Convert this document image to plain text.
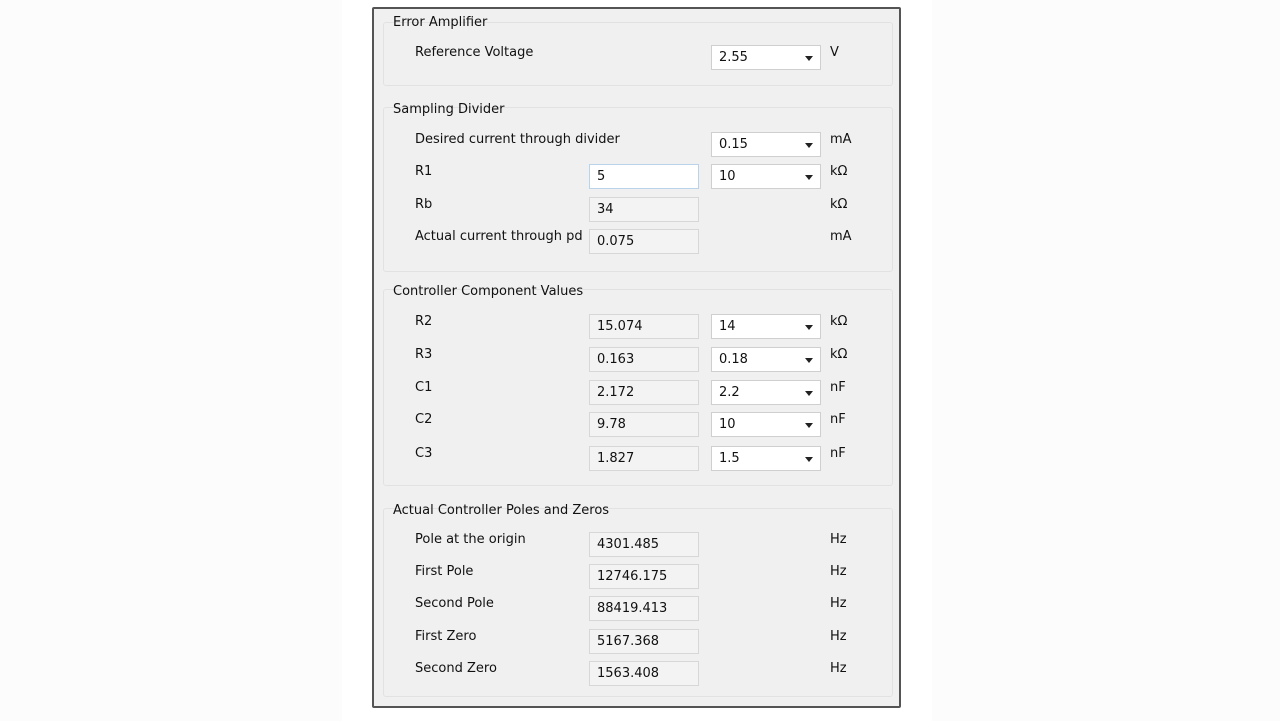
Error Amplifier
Reference Voltage	2.55	V
Sampling Divider
Desired current through divider	0.15	mA
R1	5	10	kΩ
Rb	34	kΩ
Actual current through pd	0.075	mA
Controller Component Values
R2	15.074	14	kΩ
R3	0.163	0.18	kΩ
C1	2.172	2.2	nF
C2	9.78	10	nF
C3	1.827	1.5	nF
Actual Controller Poles and Zeros
Pole at the origin	4301.485	Hz
First Pole	12746.175	Hz
Second Pole	88419.413	Hz
First Zero	5167.368	Hz
Second Zero	1563.408	Hz
